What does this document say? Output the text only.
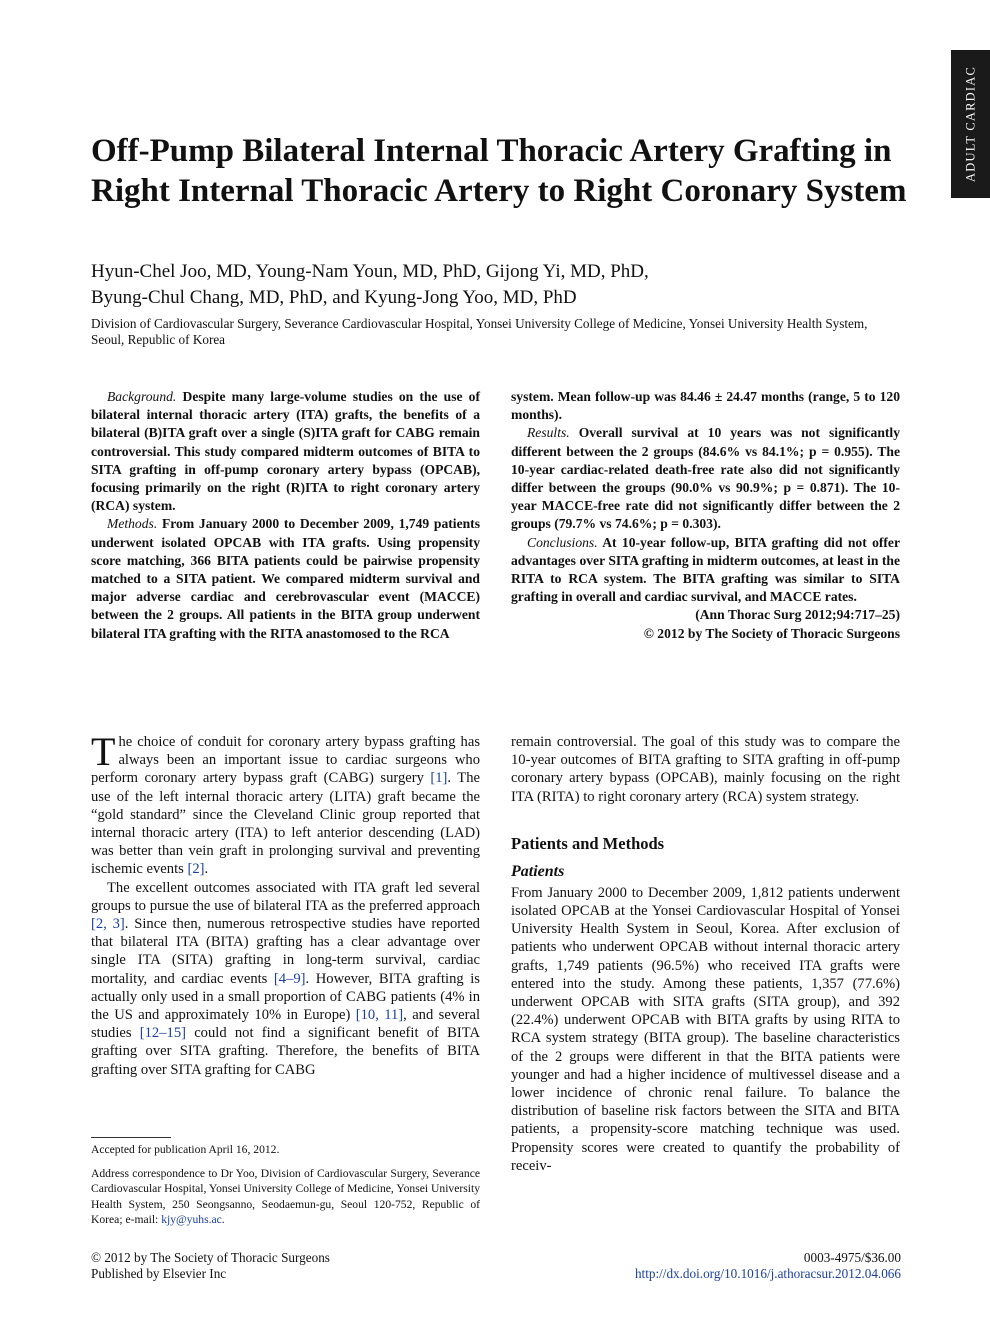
ADULT CARDIAC
Off-Pump Bilateral Internal Thoracic Artery Grafting in Right Internal Thoracic Artery to Right Coronary System
Hyun-Chel Joo, MD, Young-Nam Youn, MD, PhD, Gijong Yi, MD, PhD,
Byung-Chul Chang, MD, PhD, and Kyung-Jong Yoo, MD, PhD
Division of Cardiovascular Surgery, Severance Cardiovascular Hospital, Yonsei University College of Medicine, Yonsei University Health System, Seoul, Republic of Korea

Background. Despite many large-volume studies on the use of bilateral internal thoracic artery (ITA) grafts, the benefits of a bilateral (B)ITA graft over a single (S)ITA graft for CABG remain controversial. This study compared midterm outcomes of BITA to SITA grafting in off-pump coronary artery bypass (OPCAB), focusing primarily on the right (R)ITA to right coronary artery (RCA) system.

Methods. From January 2000 to December 2009, 1,749 patients underwent isolated OPCAB with ITA grafts. Using propensity score matching, 366 BITA patients could be pairwise propensity matched to a SITA patient. We compared midterm survival and major adverse cardiac and cerebrovascular event (MACCE) between the 2 groups. All patients in the BITA group underwent bilateral ITA grafting with the RITA anastomosed to the RCA

system. Mean follow-up was 84.46 ± 24.47 months (range, 5 to 120 months).

Results. Overall survival at 10 years was not significantly different between the 2 groups (84.6% vs 84.1%; p = 0.955). The 10-year cardiac-related death-free rate also did not significantly differ between the groups (90.0% vs 90.9%; p = 0.871). The 10-year MACCE-free rate did not significantly differ between the 2 groups (79.7% vs 74.6%; p = 0.303).

Conclusions. At 10-year follow-up, BITA grafting did not offer advantages over SITA grafting in midterm outcomes, at least in the RITA to RCA system. The BITA grafting was similar to SITA grafting in overall and cardiac survival, and MACCE rates.

(Ann Thorac Surg 2012;94:717–25)

© 2012 by The Society of Thoracic Surgeons

The choice of conduit for coronary artery bypass grafting has always been an important issue to cardiac surgeons who perform coronary artery bypass graft (CABG) surgery [1]. The use of the left internal thoracic artery (LITA) graft became the “gold standard” since the Cleveland Clinic group reported that internal thoracic artery (ITA) to left anterior descending (LAD) was better than vein graft in prolonging survival and preventing ischemic events [2].

The excellent outcomes associated with ITA graft led several groups to pursue the use of bilateral ITA as the preferred approach [2, 3]. Since then, numerous retrospective studies have reported that bilateral ITA (BITA) grafting has a clear advantage over single ITA (SITA) grafting in long-term survival, cardiac mortality, and cardiac events [4–9]. However, BITA grafting is actually only used in a small proportion of CABG patients (4% in the US and approximately 10% in Europe) [10, 11], and several studies [12–15] could not find a significant benefit of BITA grafting over SITA grafting. Therefore, the benefits of BITA grafting over SITA grafting for CABG

remain controversial. The goal of this study was to compare the 10-year outcomes of BITA grafting to SITA grafting in off-pump coronary artery bypass (OPCAB), mainly focusing on the right ITA (RITA) to right coronary artery (RCA) system strategy.

Patients and Methods
Patients

From January 2000 to December 2009, 1,812 patients underwent isolated OPCAB at the Yonsei Cardiovascular Hospital of Yonsei University Health System in Seoul, Korea. After exclusion of patients who underwent OPCAB without internal thoracic artery grafts, 1,749 patients (96.5%) who received ITA grafts were entered into the study. Among these patients, 1,357 (77.6%) underwent OPCAB with SITA grafts (SITA group), and 392 (22.4%) underwent OPCAB with BITA grafts by using RITA to RCA system strategy (BITA group). The baseline characteristics of the 2 groups were different in that the BITA patients were younger and had a higher incidence of multivessel disease and a lower incidence of chronic renal failure. To balance the distribution of baseline risk factors between the SITA and BITA patients, a propensity-score matching technique was used. Propensity scores were created to quantify the probability of receiv-

Accepted for publication April 16, 2012.

Address correspondence to Dr Yoo, Division of Cardiovascular Surgery, Severance Cardiovascular Hospital, Yonsei University College of Medicine, Yonsei University Health System, 250 Seongsanno, Seodaemun-gu, Seoul 120-752, Republic of Korea; e-mail: kjy@yuhs.ac.

© 2012 by The Society of Thoracic Surgeons
Published by Elsevier Inc
0003-4975/$36.00
http://dx.doi.org/10.1016/j.athoracsur.2012.04.066
